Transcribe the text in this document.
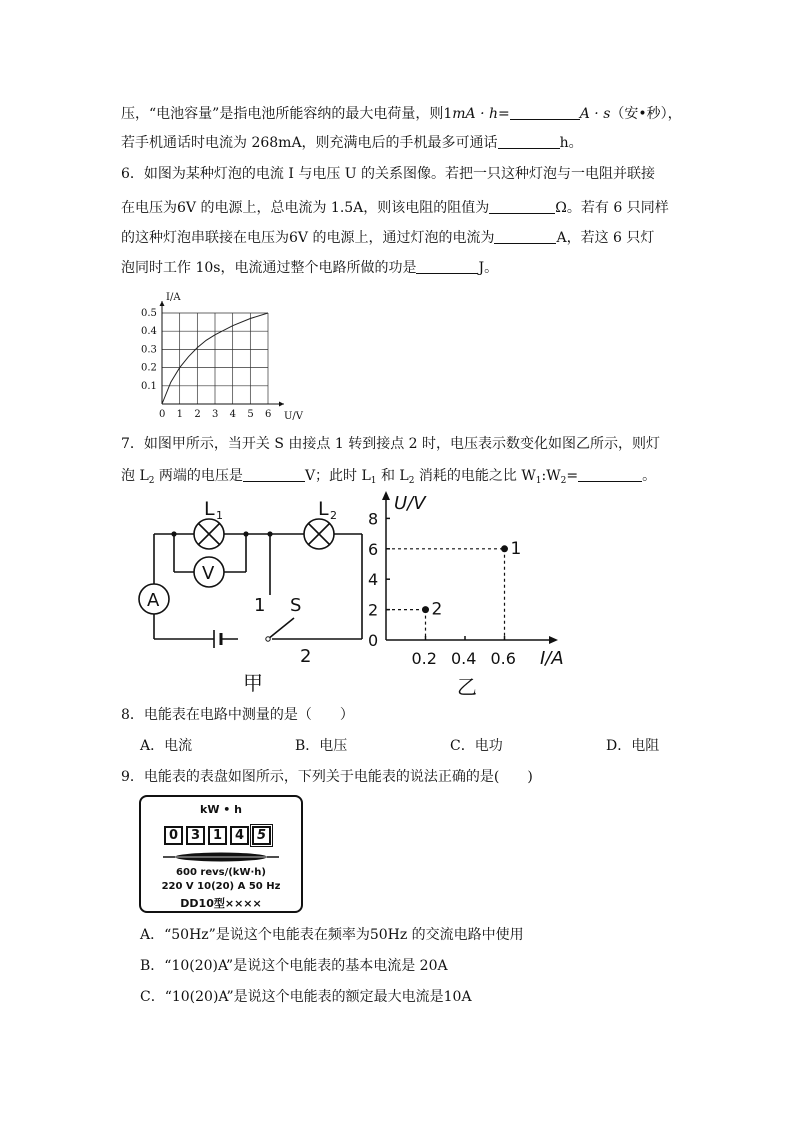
压，“电池容量”是指电池所能容纳的最大电荷量，则1mA · h=	A · s（安•秒），
若手机通话时电流为 268mA，则充满电后的手机最多可通话	h。
6．如图为某种灯泡的电流 I 与电压 U 的关系图像。若把一只这种灯泡与一电阻并联接
在电压为6V 的电源上，总电流为 1.5A，则该电阻的阻值为	Ω。若有 6 只同样
的这种灯泡串联接在电压为6V 的电源上，通过灯泡的电流为	A，若这 6 只灯
泡同时工作 10s，电流通过整个电路所做的功是	J。
0 1 2 3 4 5 6
0.1
0.2
0.3
0.4
0.5
I/A
U/V
7．如图甲所示，当开关 S 由接点 1 转到接点 2 时，电压表示数变化如图乙所示，则灯
泡 $L_2$ 两端的电压是	V；此时 $L_1$ 和 $L_2$ 消耗的电能之比 $W_1:W_2=$	。
L 1	L 2
V
A	S
1
2
甲
1
2
0
2
4
6
8
0.2 0.4 0.6
U/V
I/A
乙
8．电能表在电路中测量的是（　　）
A．电流	B．电压	C．电功	D．电阻
9．电能表的表盘如图所示，下列关于电能表的说法正确的是(　　)
kW • h
0 3 1 4 5
600 revs/(kW·h)
220 V 10(20) A 50 Hz
DD10型××××
A．“50Hz”是说这个电能表在频率为50Hz 的交流电路中使用
B．“10(20)A”是说这个电能表的基本电流是 20A
C．“10(20)A”是说这个电能表的额定最大电流是10A
